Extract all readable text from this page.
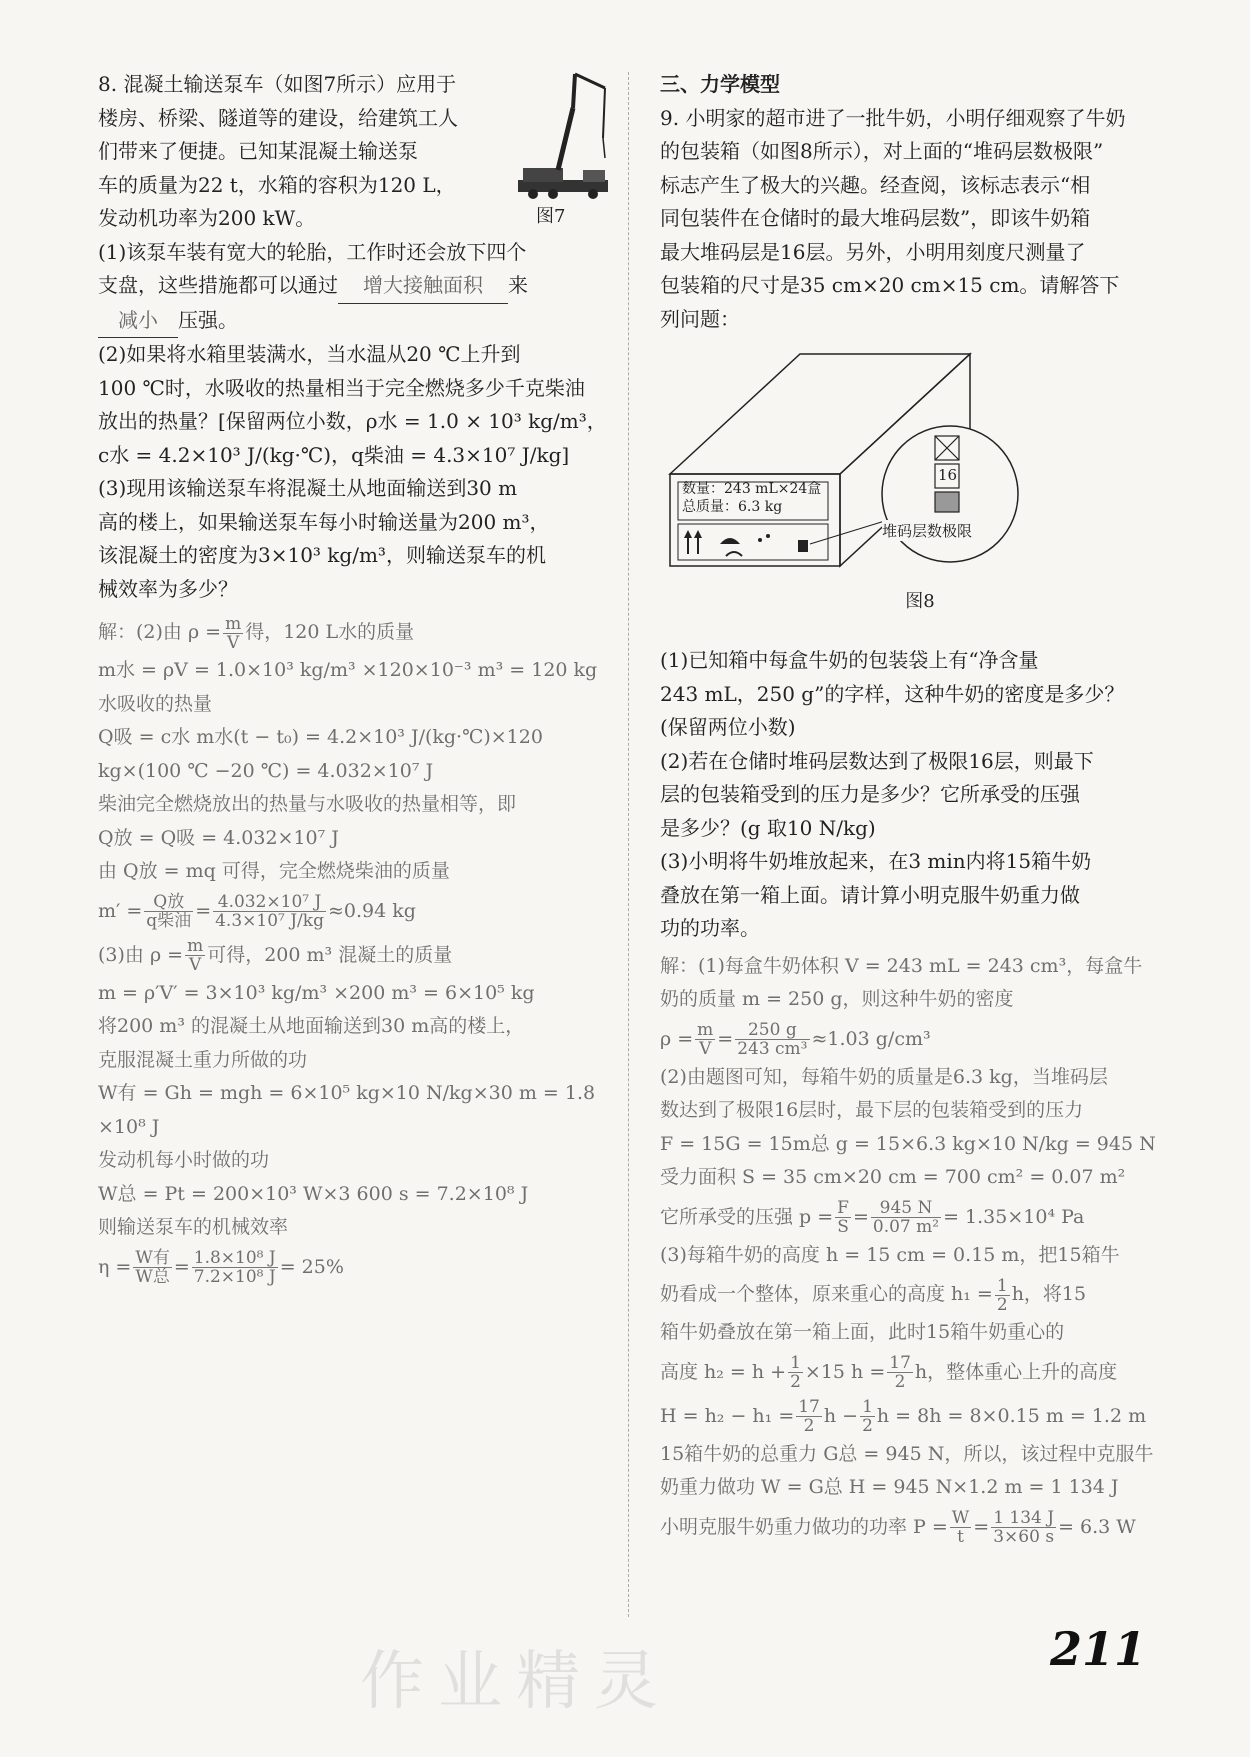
图7
8. 混凝土输送泵车（如图7所示）应用于
楼房、桥梁、隧道等的建设，给建筑工人
们带来了便捷。已知某混凝土输送泵
车的质量为22 t，水箱的容积为120 L，
发动机功率为200 kW。
(1)该泵车装有宽大的轮胎，工作时还会放下四个
支盘，这些措施都可以通过 增大接触面积 来
减小 压强。
(2)如果将水箱里装满水，当水温从20 ℃上升到
100 ℃时，水吸收的热量相当于完全燃烧多少千克柴油
放出的热量？[保留两位小数，ρ水 = 1.0 × 10³ kg/m³，
c水 = 4.2×10³ J/(kg·℃)，q柴油 = 4.3×10⁷ J/kg]
(3)现用该输送泵车将混凝土从地面输送到30 m
高的楼上，如果输送泵车每小时输送量为200 m³，
该混凝土的密度为3×10³ kg/m³，则输送泵车的机
械效率为多少？
解：(2)由 $\rho = \frac{m}{V}$ 得，120 L水的质量
m水 = ρV = 1.0×10³ kg/m³ ×120×10⁻³ m³ = 120 kg
水吸收的热量
Q吸 = c水 m水(t − t₀) = 4.2×10³ J/(kg·℃)×120
kg×(100 ℃ −20 ℃) = 4.032×10⁷ J
柴油完全燃烧放出的热量与水吸收的热量相等，即
Q放 = Q吸 = 4.032×10⁷ J
由 Q放 = mq 可得，完全燃烧柴油的质量
$m' = \frac{\text{Q放}}{\text{q柴油}} = \frac{\text{4.032×10⁷ J}}{\text{4.3×10⁷ J/kg}} \approx 0.94$ kg
(3)由 $\rho = \frac{m}{V}$ 可得，200 m³ 混凝土的质量
m = ρ′V′ = 3×10³ kg/m³ ×200 m³ = 6×10⁵ kg
将200 m³ 的混凝土从地面输送到30 m高的楼上，
克服混凝土重力所做的功
W有 = Gh = mgh = 6×10⁵ kg×10 N/kg×30 m = 1.8
×10⁸ J
发动机每小时做的功
W总 = Pt = 200×10³ W×3 600 s = 7.2×10⁸ J
则输送泵车的机械效率
$\eta = \frac{\text{W有}}{\text{W总}} = \frac{\text{1.8×10⁸ J}}{\text{7.2×10⁸ J}} = 25\%$
三、力学模型
9. 小明家的超市进了一批牛奶，小明仔细观察了牛奶
的包装箱（如图8所示），对上面的“堆码层数极限”
标志产生了极大的兴趣。经查阅，该标志表示“相
同包装件在仓储时的最大堆码层数”，即该牛奶箱
最大堆码层是16层。另外，小明用刻度尺测量了
包装箱的尺寸是35 cm×20 cm×15 cm。请解答下
列问题：
数量：243 mL×24盒
总质量：6.3 kg
16
堆码层数极限
图8
(1)已知箱中每盒牛奶的包装袋上有“净含量
243 mL，250 g”的字样，这种牛奶的密度是多少？
(保留两位小数)
(2)若在仓储时堆码层数达到了极限16层，则最下
层的包装箱受到的压力是多少？它所承受的压强
是多少？(g 取10 N/kg)
(3)小明将牛奶堆放起来，在3 min内将15箱牛奶
叠放在第一箱上面。请计算小明克服牛奶重力做
功的功率。
解：(1)每盒牛奶体积 V = 243 mL = 243 cm³，每盒牛
奶的质量 m = 250 g，则这种牛奶的密度
$\rho = \frac{m}{V} = \frac{250 g}{\text{243 cm³}} \approx 1.03$ g/cm³
(2)由题图可知，每箱牛奶的质量是6.3 kg，当堆码层
数达到了极限16层时，最下层的包装箱受到的压力
F = 15G = 15m总 g = 15×6.3 kg×10 N/kg = 945 N
受力面积 S = 35 cm×20 cm = 700 cm² = 0.07 m²
它所承受的压强 $p = \frac{F}{S} = \frac{945 N}{\text{0.07 m²}} = 1.35\times 10^4$ Pa
(3)每箱牛奶的高度 h = 15 cm = 0.15 m，把15箱牛
奶看成一个整体，原来重心的高度 $h_1 = \frac{1}{2}$ h，将15
箱牛奶叠放在第一箱上面，此时15箱牛奶重心的
高度 $h_2 = h + \frac{1}{2} \times 15$ $h = \frac{17}{2}$ h，整体重心上升的高度
$H = h_2 - h_1 = \frac{17}{2}$ $h - \frac{1}{2}$ h = 8h = 8×0.15 m = 1.2 m
15箱牛奶的总重力 G总 = 945 N，所以，该过程中克服牛
奶重力做功 W = G总 H = 945 N×1.2 m = 1 134 J
小明克服牛奶重力做功的功率 $P = \frac{W}{t} = \frac{1 134 J}{3\times 60 s} = 6.3$ W
作业精灵	211
